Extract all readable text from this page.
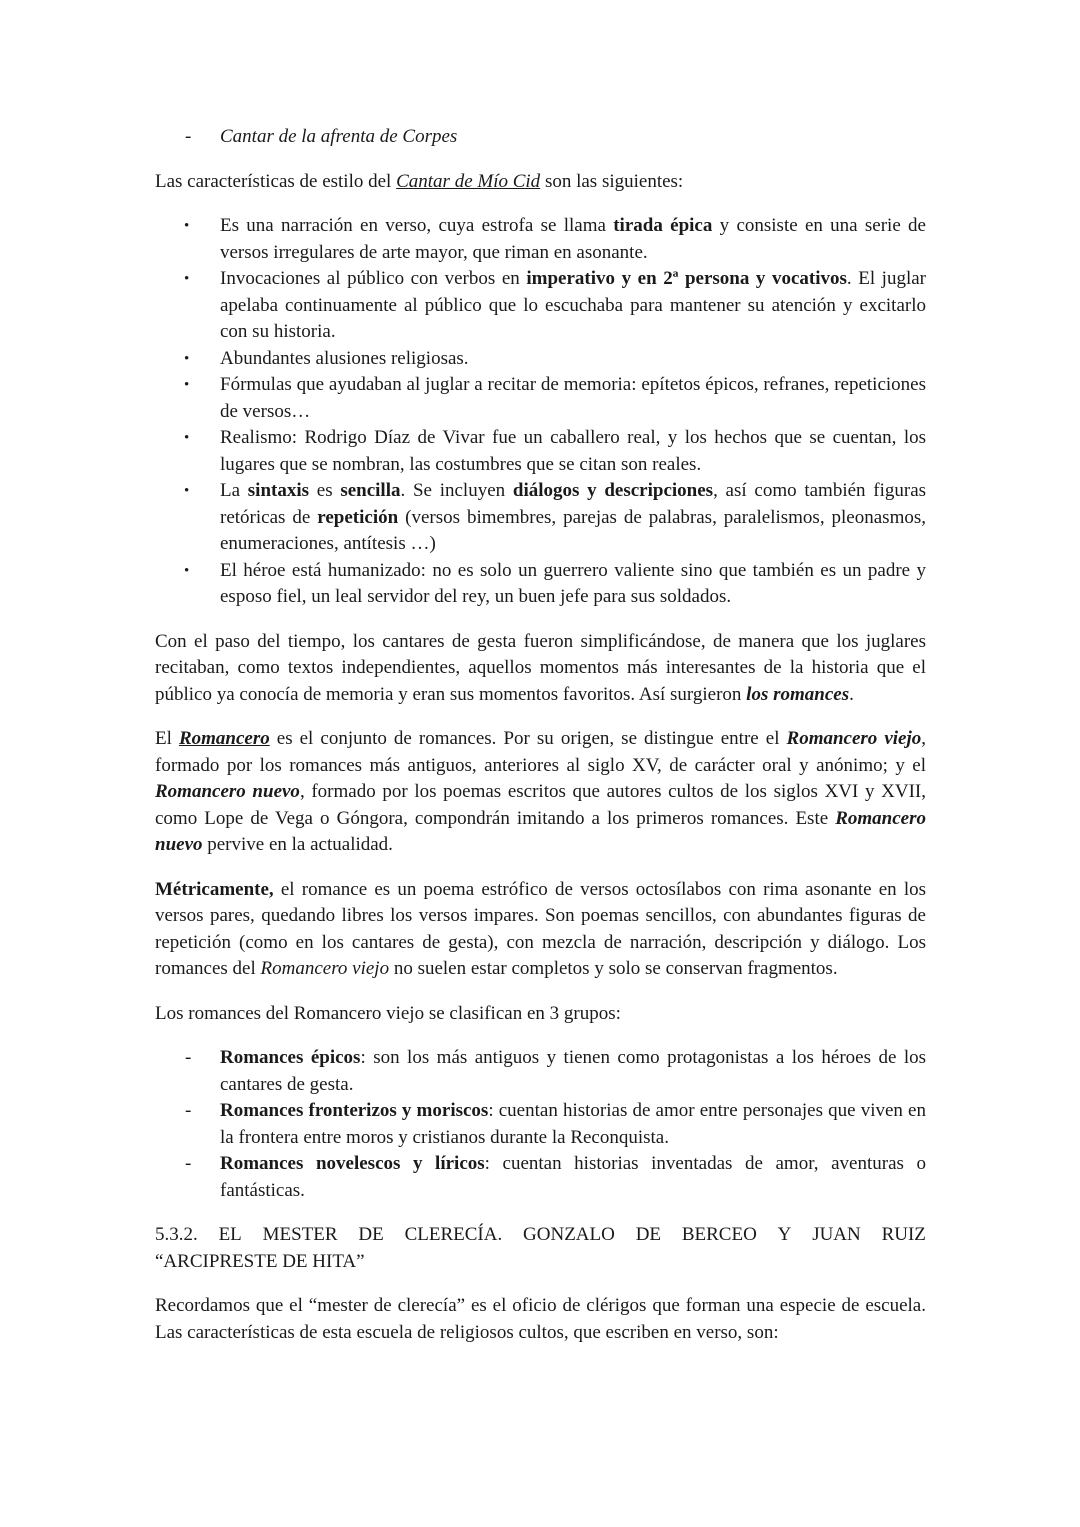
- Cantar de la afrenta de Corpes

Las características de estilo del Cantar de Mío Cid son las siguientes:

• Es una narración en verso, cuya estrofa se llama tirada épica y consiste en una serie de versos irregulares de arte mayor, que riman en asonante.
• Invocaciones al público con verbos en imperativo y en 2ª persona y vocativos. El juglar apelaba continuamente al público que lo escuchaba para mantener su atención y excitarlo con su historia.
• Abundantes alusiones religiosas.
• Fórmulas que ayudaban al juglar a recitar de memoria: epítetos épicos, refranes, repeticiones de versos…
• Realismo: Rodrigo Díaz de Vivar fue un caballero real, y los hechos que se cuentan, los lugares que se nombran, las costumbres que se citan son reales.
• La sintaxis es sencilla. Se incluyen diálogos y descripciones, así como también figuras retóricas de repetición (versos bimembres, parejas de palabras, paralelismos, pleonasmos, enumeraciones, antítesis …)
• El héroe está humanizado: no es solo un guerrero valiente sino que también es un padre y esposo fiel, un leal servidor del rey, un buen jefe para sus soldados.

Con el paso del tiempo, los cantares de gesta fueron simplificándose, de manera que los juglares recitaban, como textos independientes, aquellos momentos más interesantes de la historia que el público ya conocía de memoria y eran sus momentos favoritos. Así surgieron los romances.

El Romancero es el conjunto de romances. Por su origen, se distingue entre el Romancero viejo, formado por los romances más antiguos, anteriores al siglo XV, de carácter oral y anónimo; y el Romancero nuevo, formado por los poemas escritos que autores cultos de los siglos XVI y XVII, como Lope de Vega o Góngora, compondrán imitando a los primeros romances. Este Romancero nuevo pervive en la actualidad.

Métricamente, el romance es un poema estrófico de versos octosílabos con rima asonante en los versos pares, quedando libres los versos impares. Son poemas sencillos, con abundantes figuras de repetición (como en los cantares de gesta), con mezcla de narración, descripción y diálogo. Los romances del Romancero viejo no suelen estar completos y solo se conservan fragmentos.

Los romances del Romancero viejo se clasifican en 3 grupos:

- Romances épicos: son los más antiguos y tienen como protagonistas a los héroes de los cantares de gesta.
- Romances fronterizos y moriscos: cuentan historias de amor entre personajes que viven en la frontera entre moros y cristianos durante la Reconquista.
- Romances novelescos y líricos: cuentan historias inventadas de amor, aventuras o fantásticas.
5.3.2. EL MESTER DE CLERECÍA. GONZALO DE BERCEO Y JUAN RUIZ
“ARCIPRESTE DE HITA”

Recordamos que el “mester de clerecía” es el oficio de clérigos que forman una especie de escuela. Las características de esta escuela de religiosos cultos, que escriben en verso, son:
